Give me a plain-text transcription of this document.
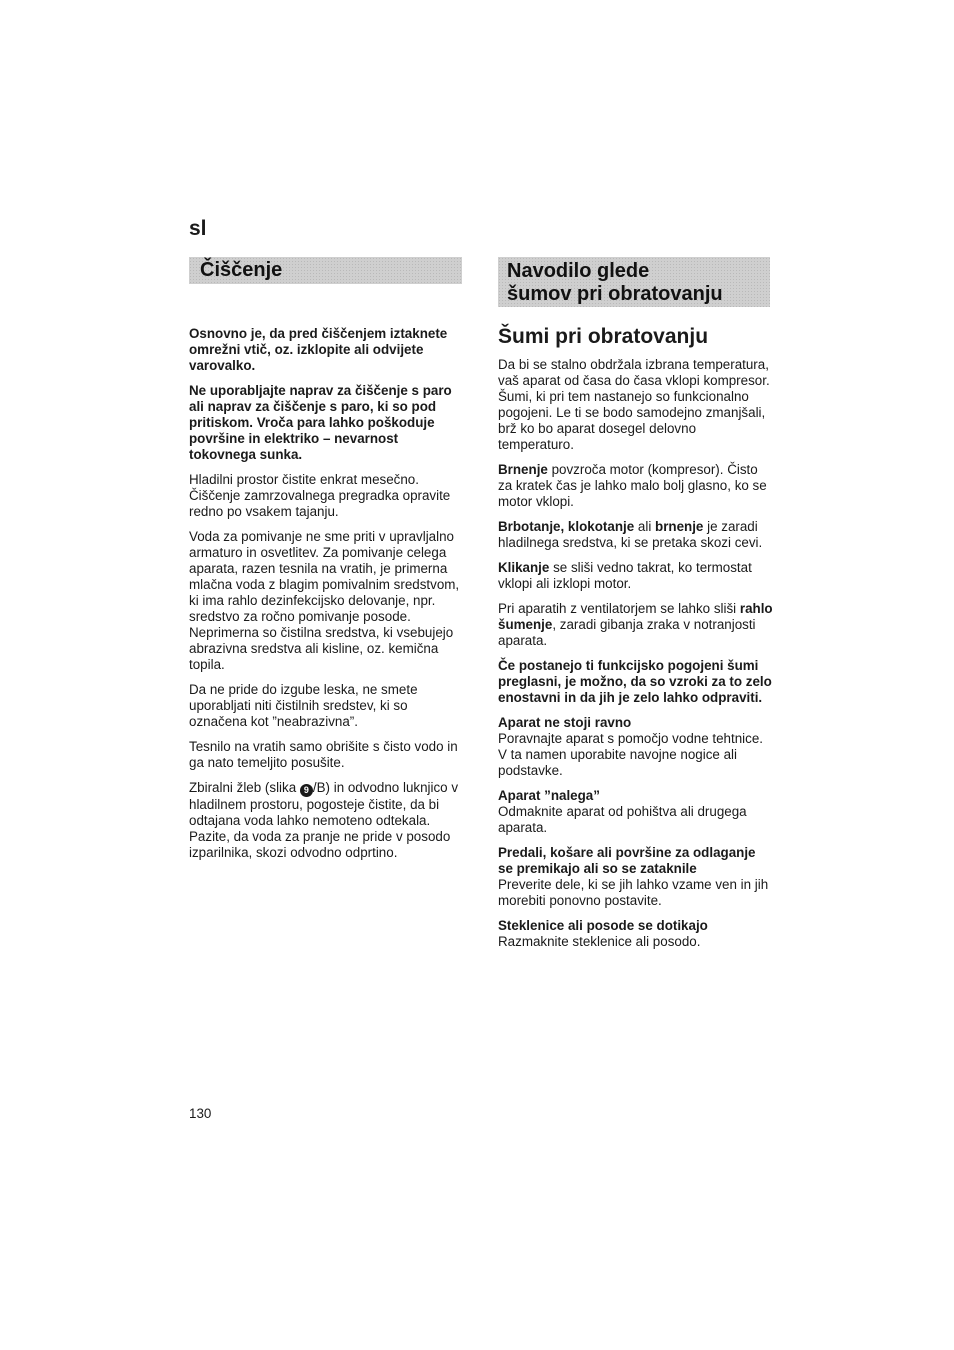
sl
Čiščenje	Navodilo glede
šumov pri obratovanju

Osnovno je, da pred čiščenjem iztaknete omrežni vtič, oz. izklopite ali odvijete varovalko.

Ne uporabljajte naprav za čiščenje s paro ali naprav za čiščenje s paro, ki so pod pritiskom. Vroča para lahko poškoduje površine in elektriko – nevarnost tokovnega sunka.

Hladilni prostor čistite enkrat mesečno. Čiščenje zamrzovalnega pregradka opravite redno po vsakem tajanju.

Voda za pomivanje ne sme priti v upravljalno armaturo in osvetlitev. Za pomivanje celega aparata, razen tesnila na vratih, je primerna mlačna voda z blagim pomivalnim sredstvom, ki ima rahlo dezinfekcijsko delovanje, npr. sredstvo za ročno pomivanje posode. Neprimerna so čistilna sredstva, ki vsebujejo abrazivna sredstva ali kisline, oz. kemična topila.

Da ne pride do izgube leska, ne smete uporabljati niti čistilnih sredstev, ki so označena kot ”neabrazivna”.

Tesnilo na vratih samo obrišite s čisto vodo in ga nato temeljito posušite.

Zbiralni žleb (slika 9 /B) in odvodno luknjico v hladilnem prostoru, pogosteje čistite, da bi odtajana voda lahko nemoteno odtekala. Pazite, da voda za pranje ne pride v posodo izparilnika, skozi odvodno odprtino.

Šumi pri obratovanju

Da bi se stalno obdržala izbrana temperatura, vaš aparat od časa do časa vklopi kompresor. Šumi, ki pri tem nastanejo so funkcionalno pogojeni. Le ti se bodo samodejno zmanjšali, brž ko bo aparat dosegel delovno temperaturo.

Brnenje povzroča motor (kompresor). Čisto za kratek čas je lahko malo bolj glasno, ko se motor vklopi.

Brbotanje, klokotanje ali brnenje je zaradi hladilnega sredstva, ki se pretaka skozi cevi.

Klikanje se sliši vedno takrat, ko termostat vklopi ali izklopi motor.

Pri aparatih z ventilatorjem se lahko sliši rahlo šumenje, zaradi gibanja zraka v notranjosti aparata.

Če postanejo ti funkcijsko pogojeni šumi preglasni, je možno, da so vzroki za to zelo enostavni in da jih je zelo lahko odpraviti.

Aparat ne stoji ravno
Poravnajte aparat s pomočjo vodne tehtnice. V ta namen uporabite navojne nogice ali podstavke.

Aparat ”nalega”
Odmaknite aparat od pohištva ali drugega aparata.

Predali, košare ali površine za odlaganje se premikajo ali so se zataknile
Preverite dele, ki se jih lahko vzame ven in jih morebiti ponovno postavite.

Steklenice ali posode se dotikajo
Razmaknite steklenice ali posodo.

130
